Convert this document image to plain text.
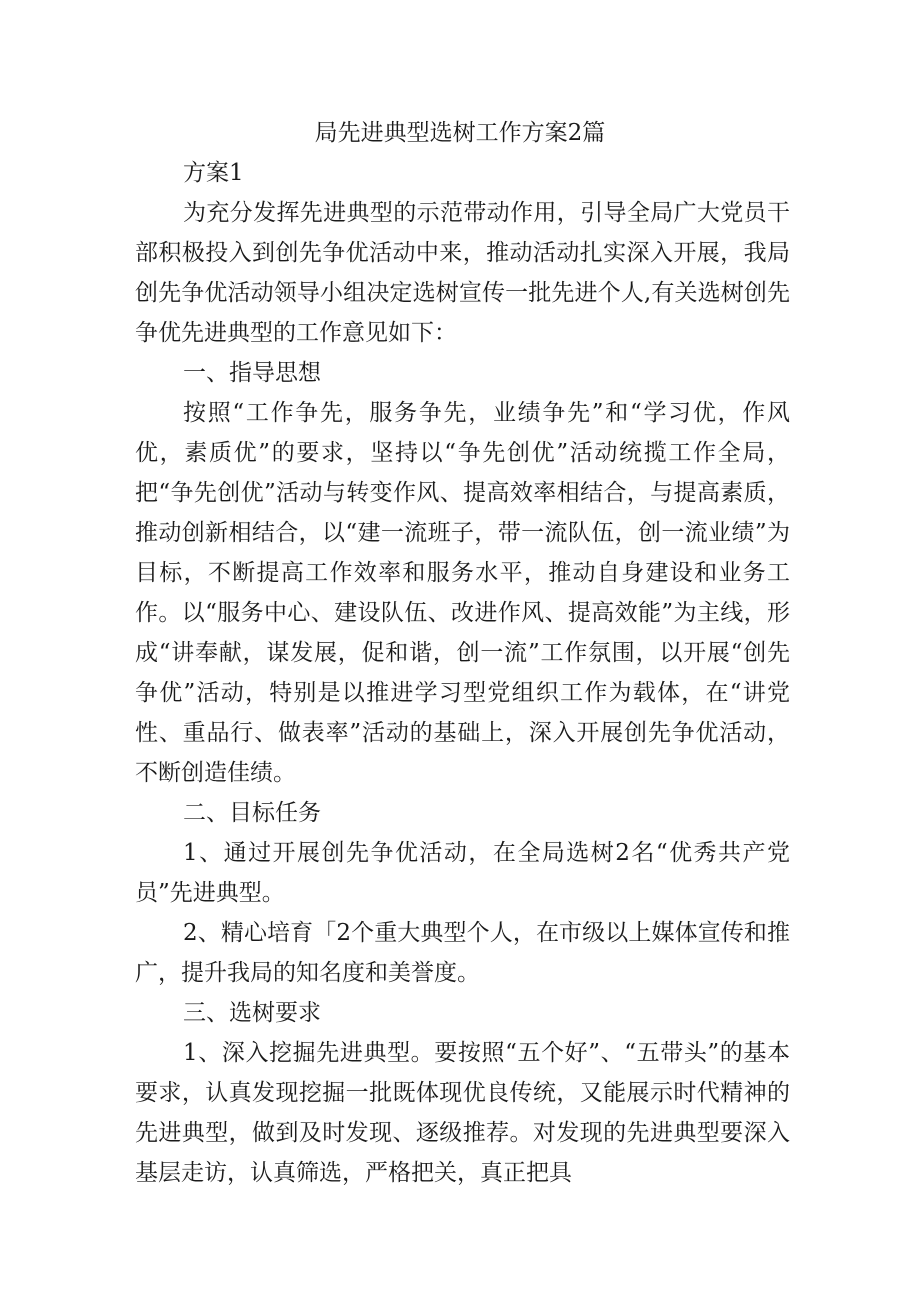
局先进典型选树工作方案2篇

方案1

为充分发挥先进典型的示范带动作用，引导全局广大党员干部积极投入到创先争优活动中来，推动活动扎实深入开展，我局创先争优活动领导小组决定选树宣传一批先进个人,有关选树创先争优先进典型的工作意见如下：

一、指导思想

按照“工作争先，服务争先，业绩争先”和“学习优，作风优，素质优”的要求，坚持以“争先创优”活动统揽工作全局，把“争先创优”活动与转变作风、提高效率相结合，与提高素质，推动创新相结合，以“建一流班子，带一流队伍，创一流业绩”为目标，不断提高工作效率和服务水平，推动自身建设和业务工作。以“服务中心、建设队伍、改进作风、提高效能”为主线，形成“讲奉献，谋发展，促和谐，创一流”工作氛围，以开展“创先争优”活动，特别是以推进学习型党组织工作为载体，在“讲党性、重品行、做表率”活动的基础上，深入开展创先争优活动，不断创造佳绩。

二、目标任务

1、通过开展创先争优活动，在全局选树2名“优秀共产党员”先进典型。

2、精心培育「2个重大典型个人，在市级以上媒体宣传和推广，提升我局的知名度和美誉度。

三、选树要求

1、深入挖掘先进典型。要按照“五个好”、“五带头”的基本要求，认真发现挖掘一批既体现优良传统，又能展示时代精神的先进典型，做到及时发现、逐级推荐。对发现的先进典型要深入基层走访，认真筛选，严格把关，真正把具
